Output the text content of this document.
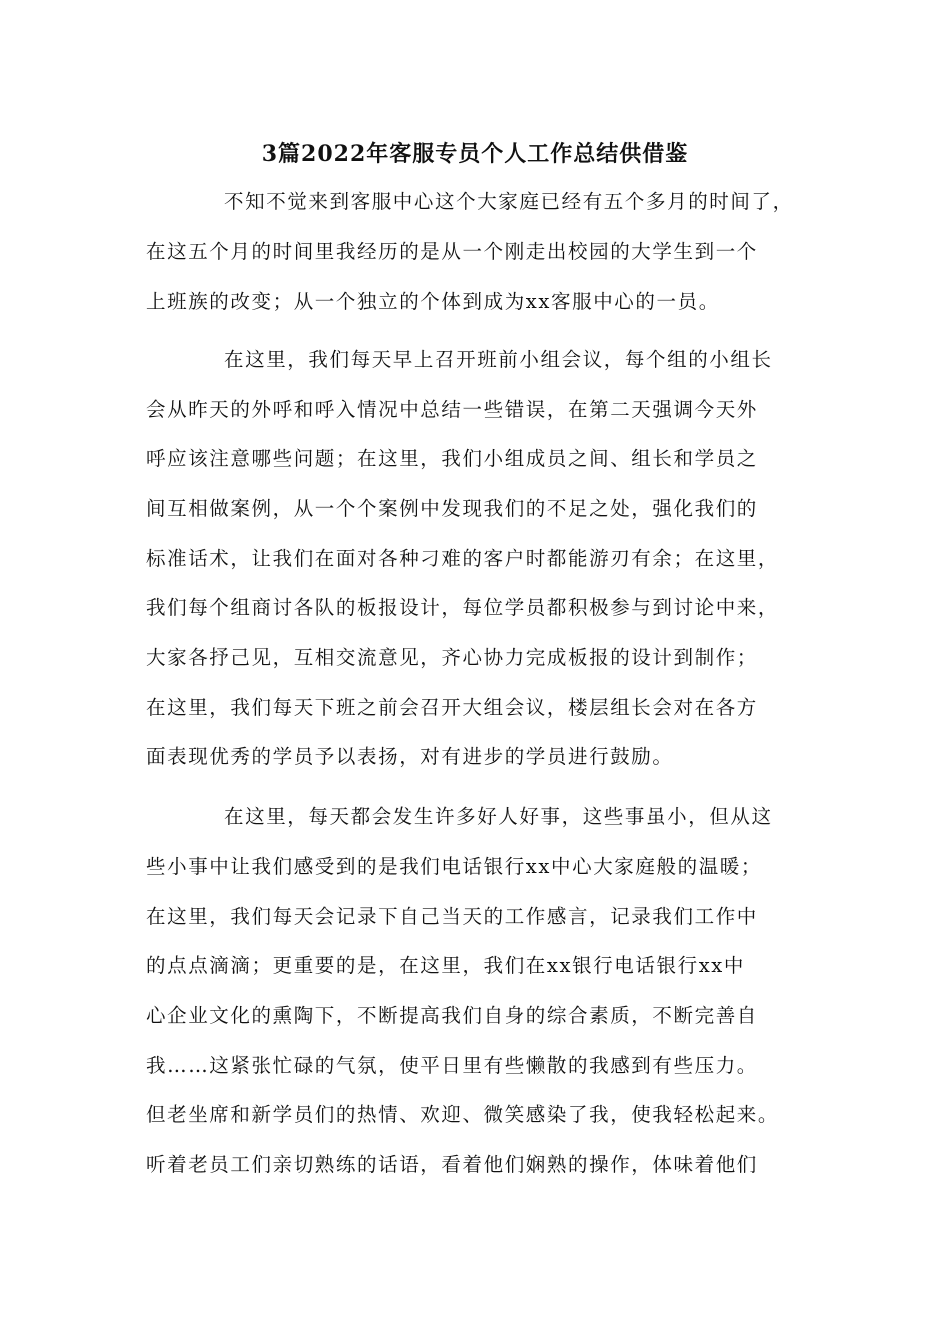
3篇2022年客服专员个人工作总结供借鉴
不知不觉来到客服中心这个大家庭已经有五个多月的时间了，
在这五个月的时间里我经历的是从一个刚走出校园的大学生到一个
上班族的改变；从一个独立的个体到成为xx客服中心的一员。
在这里，我们每天早上召开班前小组会议，每个组的小组长
会从昨天的外呼和呼入情况中总结一些错误，在第二天强调今天外
呼应该注意哪些问题；在这里，我们小组成员之间、组长和学员之
间互相做案例，从一个个案例中发现我们的不足之处，强化我们的
标准话术，让我们在面对各种刁难的客户时都能游刃有余；在这里，
我们每个组商讨各队的板报设计，每位学员都积极参与到讨论中来，
大家各抒己见，互相交流意见，齐心协力完成板报的设计到制作；
在这里，我们每天下班之前会召开大组会议，楼层组长会对在各方
面表现优秀的学员予以表扬，对有进步的学员进行鼓励。
在这里，每天都会发生许多好人好事，这些事虽小，但从这
些小事中让我们感受到的是我们电话银行xx中心大家庭般的温暖；
在这里，我们每天会记录下自己当天的工作感言，记录我们工作中
的点点滴滴；更重要的是，在这里，我们在xx银行电话银行xx中
心企业文化的熏陶下，不断提高我们自身的综合素质，不断完善自
我……这紧张忙碌的气氛，使平日里有些懒散的我感到有些压力。
但老坐席和新学员们的热情、欢迎、微笑感染了我，使我轻松起来。
听着老员工们亲切熟练的话语，看着他们娴熟的操作，体味着他们
